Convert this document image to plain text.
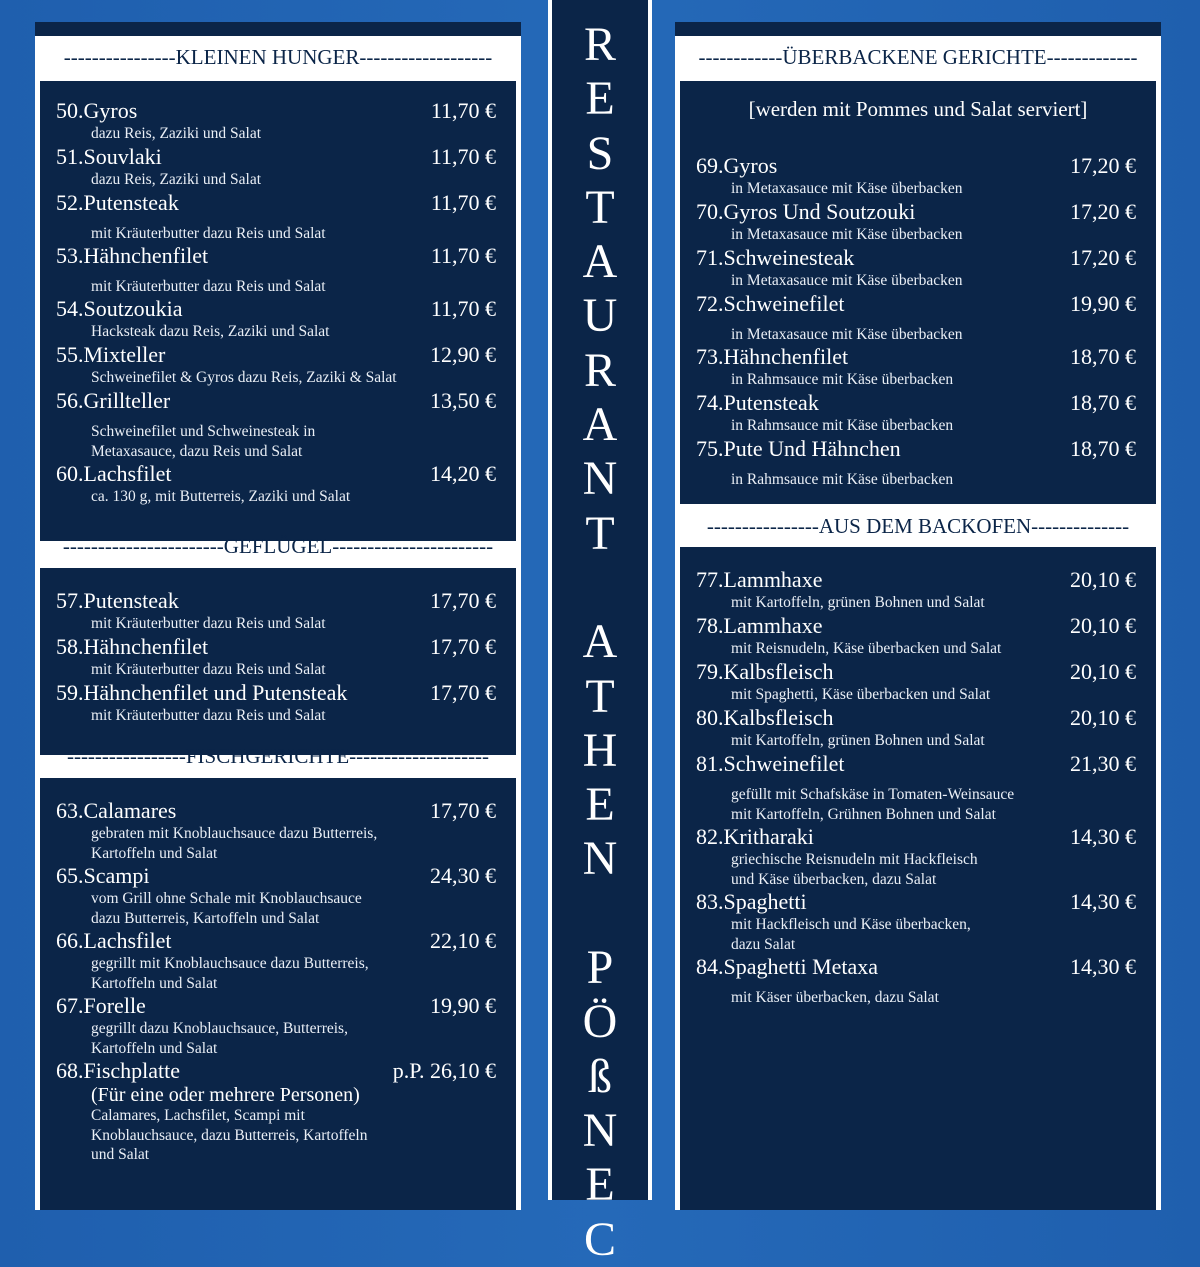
----------------KLEINEN HUNGER-------------------
50.Gyros	11,70 €
dazu Reis, Zaziki und Salat
51.Souvlaki	11,70 €
dazu Reis, Zaziki und Salat
52.Putensteak	11,70 €
mit Kräuterbutter dazu Reis und Salat
53.Hähnchenfilet	11,70 €
mit Kräuterbutter dazu Reis und Salat
54.Soutzoukia	11,70 €
Hacksteak dazu Reis, Zaziki und Salat
55.Mixteller	12,90 €
Schweinefilet & Gyros dazu Reis, Zaziki & Salat
56.Grillteller	13,50 €
Schweinefilet und Schweinesteak in
Metaxasauce, dazu Reis und Salat
60.Lachsfilet	14,20 €
ca. 130 g, mit Butterreis, Zaziki und Salat
-----------------------GEFLÜGEL-----------------------
57.Putensteak	17,70 €
mit Kräuterbutter dazu Reis und Salat
58.Hähnchenfilet	17,70 €
mit Kräuterbutter dazu Reis und Salat
59.Hähnchenfilet und Putensteak	17,70 €
mit Kräuterbutter dazu Reis und Salat
-----------------FISCHGERICHTE--------------------
63.Calamares	17,70 €
gebraten mit Knoblauchsauce dazu Butterreis,
Kartoffeln und Salat
65.Scampi	24,30 €
vom Grill ohne Schale mit Knoblauchsauce
dazu Butterreis, Kartoffeln und Salat
66.Lachsfilet	22,10 €
gegrillt mit Knoblauchsauce dazu Butterreis,
Kartoffeln und Salat
67.Forelle	19,90 €
gegrillt dazu Knoblauchsauce, Butterreis,
Kartoffeln und Salat
68.Fischplatte	p.P. 26,10 €
(Für eine oder mehrere Personen)
Calamares, Lachsfilet, Scampi mit
Knoblauchsauce, dazu Butterreis, Kartoffeln
und Salat
R
E
S
T
A
U
R
A
N
T
A
T
H
E
N
P
Ö
ß
N
E
C
------------ÜBERBACKENE GERICHTE-------------
[werden mit Pommes und Salat serviert]
69.Gyros	17,20 €
in Metaxasauce mit Käse überbacken
70.Gyros Und Soutzouki	17,20 €
in Metaxasauce mit Käse überbacken
71.Schweinesteak	17,20 €
in Metaxasauce mit Käse überbacken
72.Schweinefilet	19,90 €
in Metaxasauce mit Käse überbacken
73.Hähnchenfilet	18,70 €
in Rahmsauce mit Käse überbacken
74.Putensteak	18,70 €
in Rahmsauce mit Käse überbacken
75.Pute Und Hähnchen	18,70 €
in Rahmsauce mit Käse überbacken
----------------AUS DEM BACKOFEN--------------
77.Lammhaxe	20,10 €
mit Kartoffeln, grünen Bohnen und Salat
78.Lammhaxe	20,10 €
mit Reisnudeln, Käse überbacken und Salat
79.Kalbsfleisch	20,10 €
mit Spaghetti, Käse überbacken und Salat
80.Kalbsfleisch	20,10 €
mit Kartoffeln, grünen Bohnen und Salat
81.Schweinefilet	21,30 €
gefüllt mit Schafskäse in Tomaten-Weinsauce
mit Kartoffeln, Grühnen Bohnen und Salat
82.Kritharaki	14,30 €
griechische Reisnudeln mit Hackfleisch
und Käse überbacken, dazu Salat
83.Spaghetti	14,30 €
mit Hackfleisch und Käse überbacken,
dazu Salat
84.Spaghetti Metaxa	14,30 €
mit Käser überbacken, dazu Salat
